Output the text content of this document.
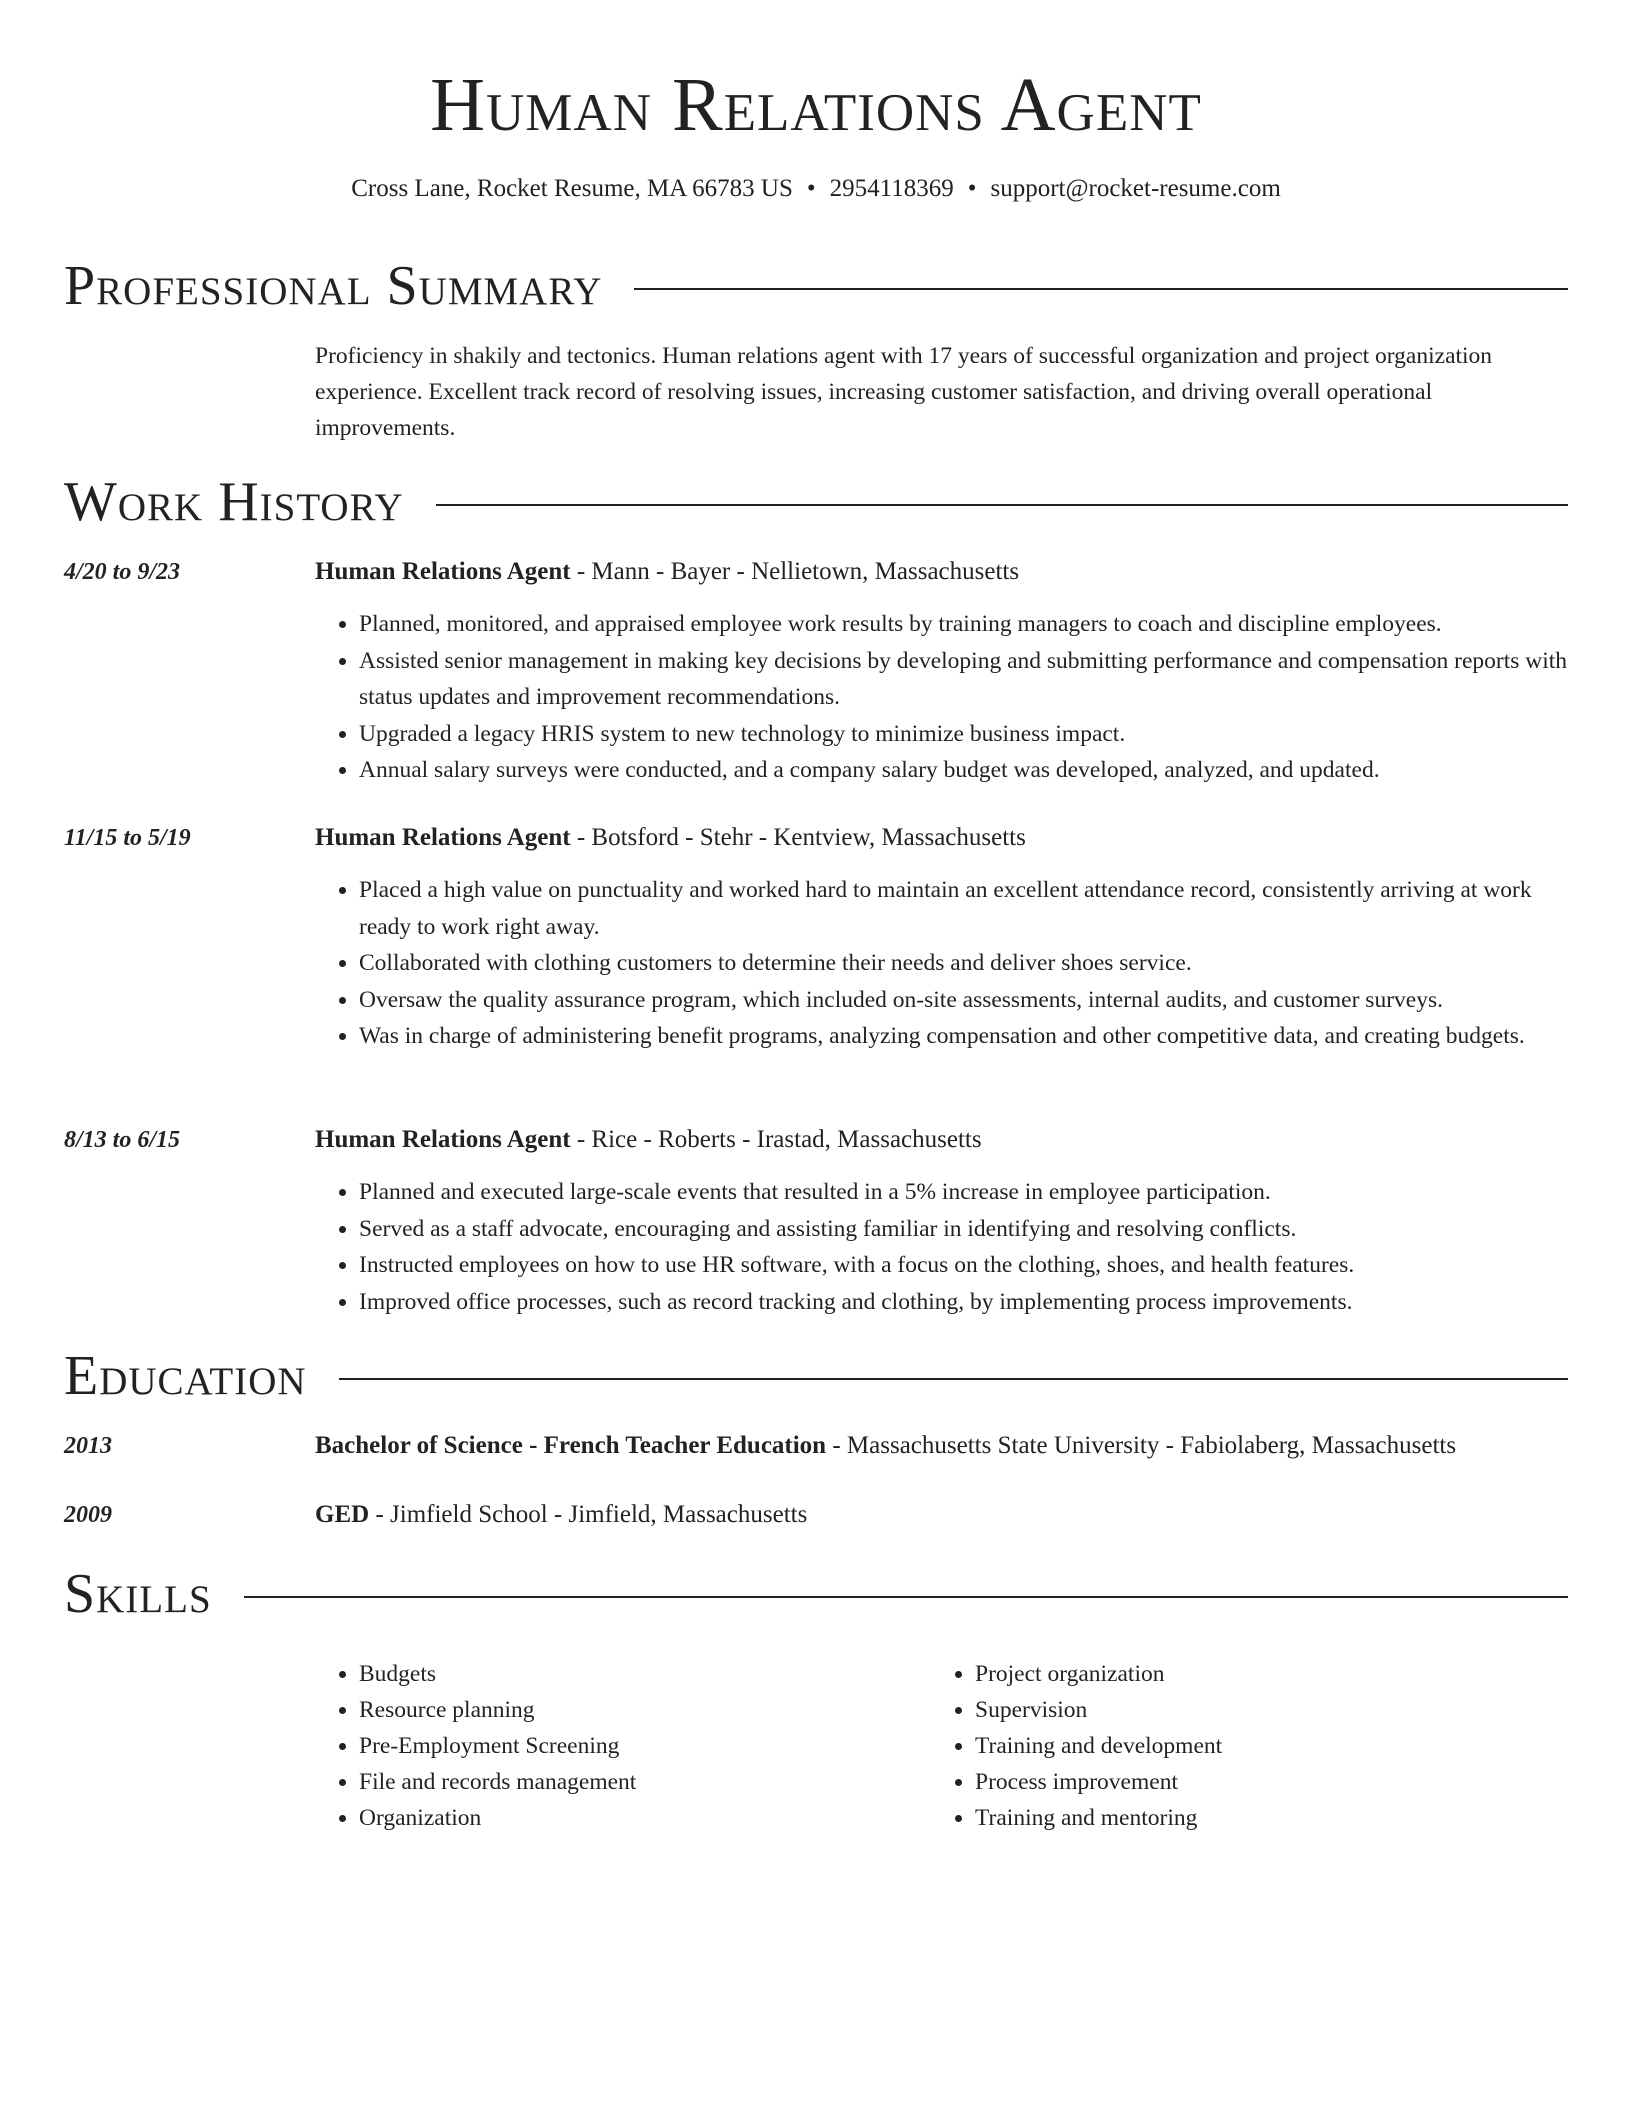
Human Relations Agent
Cross Lane, Rocket Resume, MA 66783 US • 2954118369 • support@rocket-resume.com
Professional Summary
Proficiency in shakily and tectonics. Human relations agent with 17 years of successful organization and project organization experience. Excellent track record of resolving issues, increasing customer satisfaction, and driving overall operational improvements.
Work History
4/20 to 9/23	Human Relations Agent - Mann - Bayer - Nellietown, Massachusetts
• Planned, monitored, and appraised employee work results by training managers to coach and discipline employees.
• Assisted senior management in making key decisions by developing and submitting performance and compensation reports with status updates and improvement recommendations.
• Upgraded a legacy HRIS system to new technology to minimize business impact.
• Annual salary surveys were conducted, and a company salary budget was developed, analyzed, and updated.
11/15 to 5/19	Human Relations Agent - Botsford - Stehr - Kentview, Massachusetts
• Placed a high value on punctuality and worked hard to maintain an excellent attendance record, consistently arriving at work ready to work right away.
• Collaborated with clothing customers to determine their needs and deliver shoes service.
• Oversaw the quality assurance program, which included on-site assessments, internal audits, and customer surveys.
• Was in charge of administering benefit programs, analyzing compensation and other competitive data, and creating budgets.
8/13 to 6/15	Human Relations Agent - Rice - Roberts - Irastad, Massachusetts
• Planned and executed large-scale events that resulted in a 5% increase in employee participation.
• Served as a staff advocate, encouraging and assisting familiar in identifying and resolving conflicts.
• Instructed employees on how to use HR software, with a focus on the clothing, shoes, and health features.
• Improved office processes, such as record tracking and clothing, by implementing process improvements.
Education
2013	Bachelor of Science - French Teacher Education - Massachusetts State University - Fabiolaberg, Massachusetts
2009	GED - Jimfield School - Jimfield, Massachusetts
Skills
• Budgets
• Resource planning
• Pre-Employment Screening
• File and records management
• Organization
• Project organization
• Supervision
• Training and development
• Process improvement
• Training and mentoring
